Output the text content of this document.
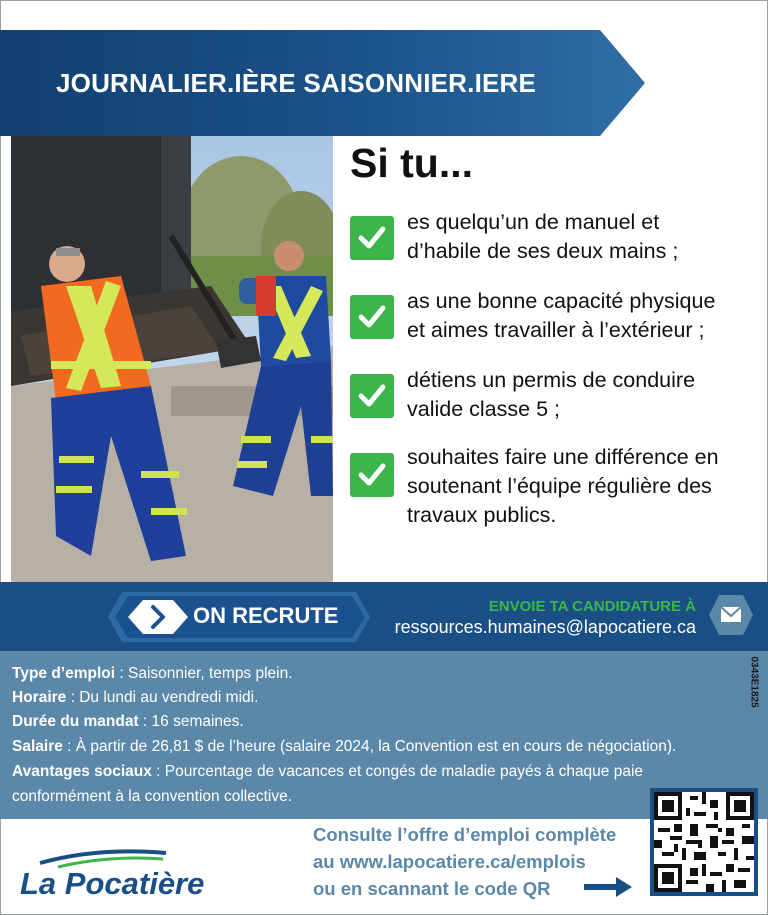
JOURNALIER.IÈRE SAISONNIER.IERE
Si tu...
es quelqu’un de manuel et
d’habile de ses deux mains ;
as une bonne capacité physique
et aimes travailler à l’extérieur ;
détiens un permis de conduire
valide classe 5 ;
souhaites faire une différence en
soutenant l’équipe régulière des
travaux publics.
ON RECRUTE	ENVOIE TA CANDIDATURE À
ressources.humaines@lapocatiere.ca
Type d’emploi : Saisonnier, temps plein.
Horaire : Du lundi au vendredi midi.
Durée du mandat : 16 semaines.
Salaire : À partir de 26,81 $ de l’heure (salaire 2024, la Convention est en cours de négociation).
Avantages sociaux : Pourcentage de vacances et congés de maladie payés à chaque paie
conformément à la convention collective.
0343E1825
La Pocatière
Consulte l’offre d’emploi complète
au www.lapocatiere.ca/emplois
ou en scannant le code QR
